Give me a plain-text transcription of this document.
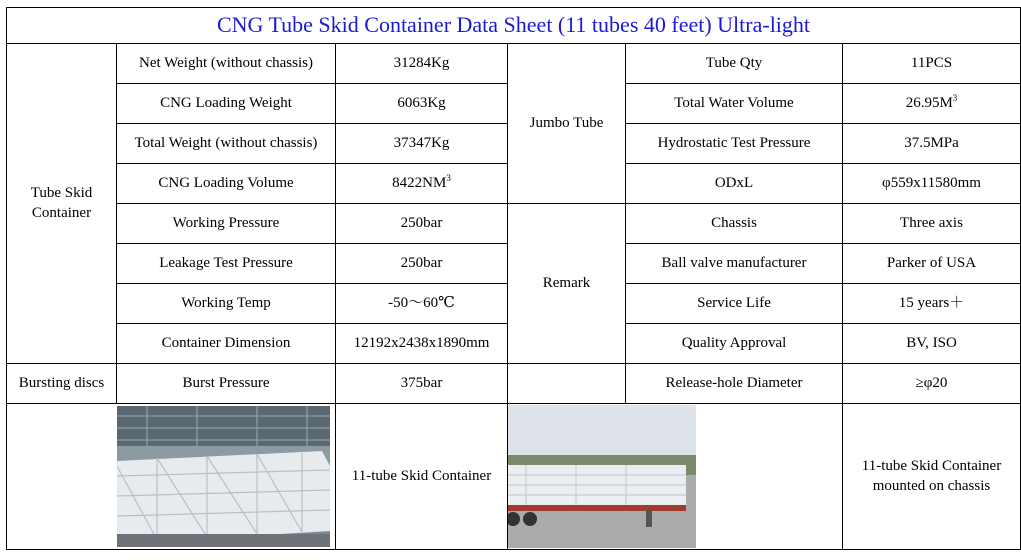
CNG Tube Skid Container Data Sheet (11 tubes 40 feet) Ultra-light					
Tube Skid Container	Net Weight (without chassis)	31284Kg	Jumbo Tube	Tube Qty	11PCS
	CNG Loading Weight	6063Kg		Total Water Volume	$26.95M^3$
	Total Weight (without chassis)	37347Kg		Hydrostatic Test Pressure	37.5MPa
	CNG Loading Volume	$8422NM^3$		ODxL	φ559x11580mm
	Working Pressure	250bar	Remark	Chassis	Three axis
	Leakage Test Pressure	250bar		Ball valve manufacturer	Parker of USA
	Working Temp	-50～60℃		Service Life	15 years＋
	Container Dimension	12192x2438x1890mm		Quality Approval	BV, ISO
Bursting discs	Burst Pressure	375bar		Release-hole Diameter	≥φ20

	11-tube Skid Container			11-tube Skid Container mounted on chassis
